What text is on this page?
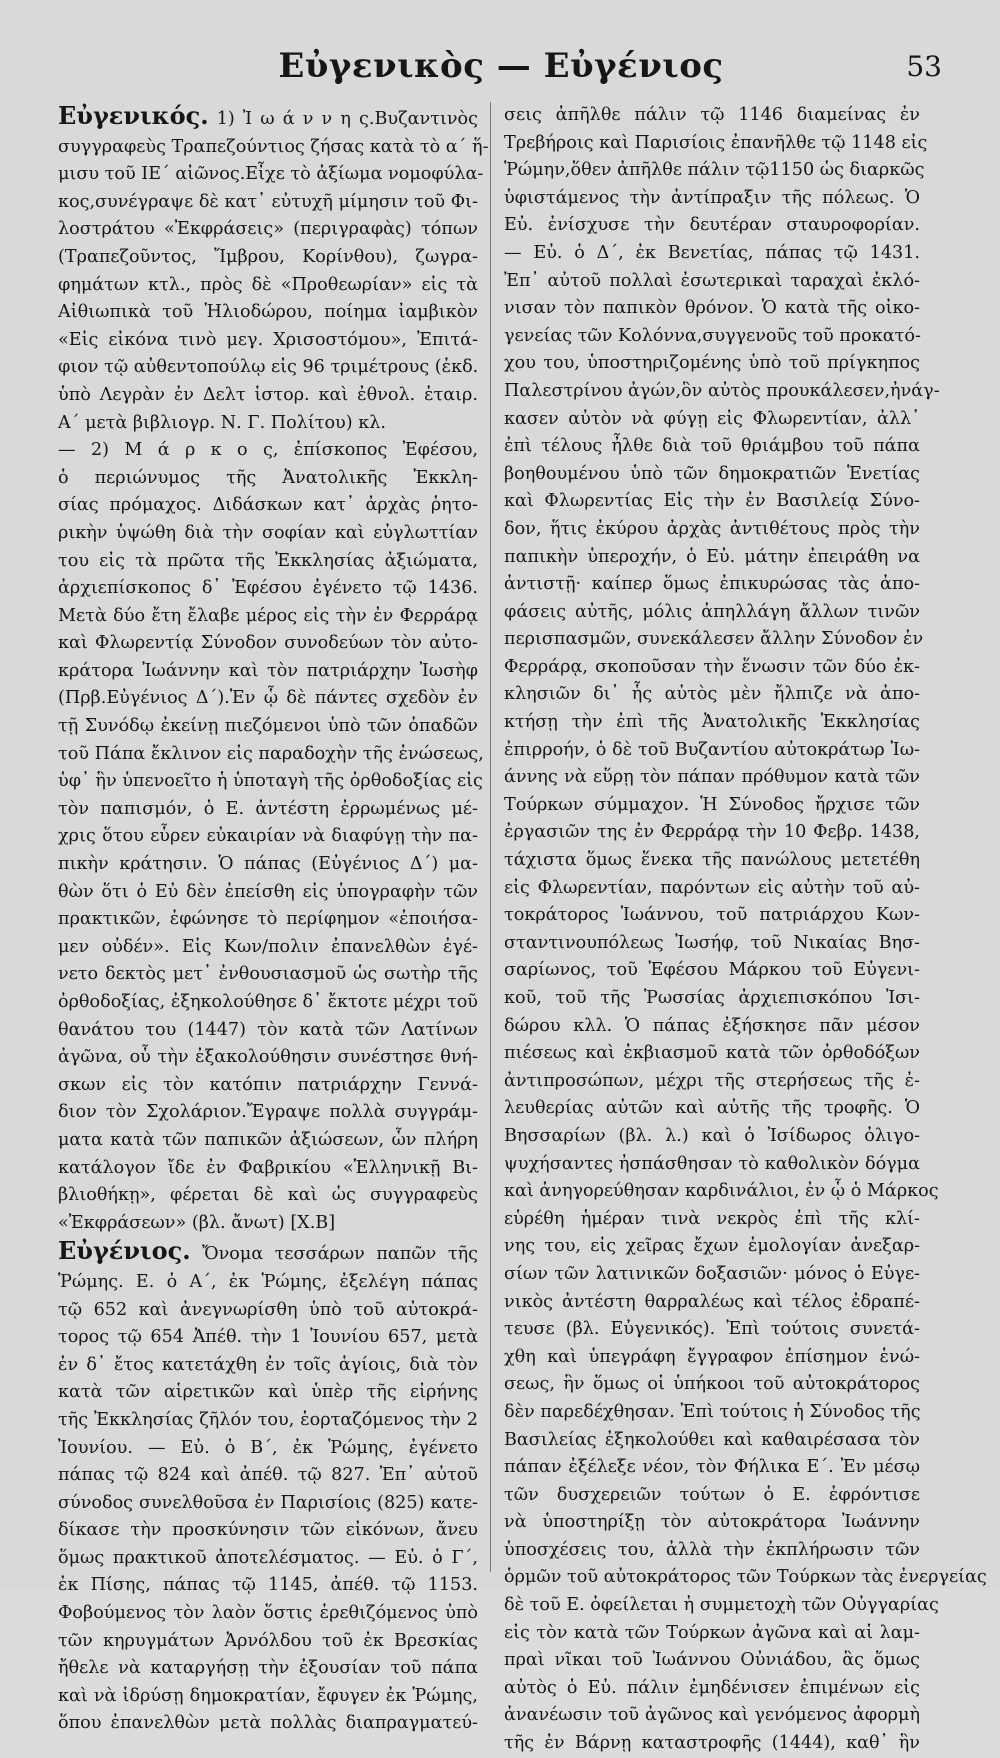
Εὐγενικὸς — Εὐγένιος	53
Εὐγενικός. 1) Ἰ ω ά ν ν η ς.Βυζαντινὸς
συγγραφεὺς Τραπεζούντιος ζήσας κατὰ τὸ α΄ ἥ-
μισυ τοῦ ΙΕ΄ αἰῶνος.Εἶχε τὸ ἀξίωμα νομοφύλα-
κος,συνέγραψε δὲ κατ᾽ εὐτυχῆ μίμησιν τοῦ Φι-
λοστράτου «Ἐκφράσεις» (περιγραφὰς) τόπων
(Τραπεζοῦντος, Ἴμβρου, Κορίνθου), ζωγρα-
φημάτων κτλ., πρὸς δὲ «Προθεωρίαν» εἰς τὰ
Αἰθιωπικὰ τοῦ Ἡλιοδώρου, ποίημα ἰαμβικὸν
«Εἰς εἰκόνα τινὸ μεγ. Χρισοστόμου», Ἐπιτά-
φιον τῷ αὐθεντοπούλῳ εἰς 96 τριμέτρους (ἐκδ.
ὑπὸ Λεγρὰν ἐν Δελτ ἱστορ. καὶ ἐθνολ. ἑταιρ.
Α΄ μετὰ βιβλιογρ. Ν. Γ. Πολίτου) κλ.
— 2) Μ ά ρ κ ο ς, ἐπίσκοπος Ἐφέσου,
ὁ περιώνυμος τῆς Ἀνατολικῆς Ἐκκλη-
σίας πρόμαχος. Διδάσκων κατ᾽ ἀρχὰς ῥητο-
ρικὴν ὑψώθη διὰ τὴν σοφίαν καὶ εὐγλωττίαν
του εἰς τὰ πρῶτα τῆς Ἐκκλησίας ἀξιώματα,
ἀρχιεπίσκοπος δ᾽ Ἐφέσου ἐγένετο τῷ 1436.
Μετὰ δύο ἔτη ἔλαβε μέρος εἰς τὴν ἐν Φερράρᾳ
καὶ Φλωρεντίᾳ Σύνοδον συνοδεύων τὸν αὐτο-
κράτορα Ἰωάννην καὶ τὸν πατριάρχην Ἰωσὴφ
(Πρβ.Εὐγένιος Δ΄).Ἐν ᾧ δὲ πάντες σχεδὸν ἐν
τῇ Συνόδῳ ἐκείνῃ πιεζόμενοι ὑπὸ τῶν ὀπαδῶν
τοῦ Πάπα ἔκλινον εἰς παραδοχὴν τῆς ἑνώσεως,
ὑφ᾽ ἣν ὑπενοεῖτο ἡ ὑποταγὴ τῆς ὀρθοδοξίας εἰς
τὸν παπισμόν, ὁ Ε. ἀντέστη ἐρρωμένως μέ-
χρις ὅτου εὗρεν εὐκαιρίαν νὰ διαφύγῃ τὴν πα-
πικὴν κράτησιν. Ὁ πάπας (Εὐγένιος Δ΄) μα-
θὼν ὅτι ὁ Εὐ δὲν ἐπείσθη εἰς ὑπογραφὴν τῶν
πρακτικῶν, ἐφώνησε τὸ περίφημον «ἐποιήσα-
μεν οὐδέν». Εἰς Κων/πολιν ἐπανελθὼν ἐγέ-
νετο δεκτὸς μετ᾽ ἐνθουσιασμοῦ ὡς σωτὴρ τῆς
ὀρθοδοξίας, ἐξηκολούθησε δ᾽ ἔκτοτε μέχρι τοῦ
θανάτου του (1447) τὸν κατὰ τῶν Λατίνων
ἀγῶνα, οὗ τὴν ἐξακολούθησιν συνέστησε θνή-
σκων εἰς τὸν κατόπιν πατριάρχην Γεννά-
διον τὸν Σχολάριον.Ἔγραψε πολλὰ συγγράμ-
ματα κατὰ τῶν παπικῶν ἀξιώσεων, ὧν πλήρη
κατάλογον ἴδε ἐν Φαβρικίου «Ἑλληνικῇ Βι-
βλιοθήκῃ», φέρεται δὲ καὶ ὡς συγγραφεὺς
«Ἐκφράσεων» (βλ. ἄνωτ) [Χ.Β]
Εὐγένιος. Ὄνομα τεσσάρων παπῶν τῆς
Ῥώμης. Ε. ὁ Α΄, ἐκ Ῥώμης, ἐξελέγη πάπας
τῷ 652 καὶ ἀνεγνωρίσθη ὑπὸ τοῦ αὐτοκρά-
τορος τῷ 654 Ἀπέθ. τὴν 1 Ἰουνίου 657, μετὰ
ἐν δ᾽ ἔτος κατετάχθη ἐν τοῖς ἁγίοις, διὰ τὸν
κατὰ τῶν αἱρετικῶν καὶ ὑπὲρ τῆς εἰρήνης
τῆς Ἐκκλησίας ζῆλόν του, ἑορταζόμενος τὴν 2
Ἰουνίου. — Εὐ. ὁ Β΄, ἐκ Ῥώμης, ἐγένετο
πάπας τῷ 824 καὶ ἀπέθ. τῷ 827. Ἐπ᾽ αὐτοῦ
σύνοδος συνελθοῦσα ἐν Παρισίοις (825) κατε-
δίκασε τὴν προσκύνησιν τῶν εἰκόνων, ἄνευ
ὅμως πρακτικοῦ ἀποτελέσματος. — Εὐ. ὁ Γ΄,
ἐκ Πίσης, πάπας τῷ 1145, ἀπέθ. τῷ 1153.
Φοβούμενος τὸν λαὸν ὅστις ἐρεθιζόμενος ὑπὸ
τῶν κηρυγμάτων Ἀρνόλδου τοῦ ἐκ Βρεσκίας
ἤθελε νὰ καταργήσῃ τὴν ἐξουσίαν τοῦ πάπα
καὶ νὰ ἱδρύσῃ δημοκρατίαν, ἔφυγεν ἐκ Ῥώμης,
ὅπου ἐπανελθὼν μετὰ πολλὰς διαπραγματεύ-
σεις ἀπῆλθε πάλιν τῷ 1146 διαμείνας ἐν
Τρεβήροις καὶ Παρισίοις ἐπανῆλθε τῷ 1148 εἰς
Ῥώμην,ὅθεν ἀπῆλθε πάλιν τῷ1150 ὡς διαρκῶς
ὑφιστάμενος τὴν ἀντίπραξιν τῆς πόλεως. Ὁ
Εὐ. ἐνίσχυσε τὴν δευτέραν σταυροφορίαν.
— Εὐ. ὁ Δ΄, ἐκ Βενετίας, πάπας τῷ 1431.
Ἐπ᾽ αὐτοῦ πολλαὶ ἐσωτερικαὶ ταραχαὶ ἐκλό-
νισαν τὸν παπικὸν θρόνον. Ὁ κατὰ τῆς οἰκο-
γενείας τῶν Κολόννα,συγγενοῦς τοῦ προκατό-
χου του, ὑποστηριζομένης ὑπὸ τοῦ πρίγκηπος
Παλεστρίνου ἀγών,ὃν αὐτὸς προυκάλεσεν,ἠνάγ-
κασεν αὐτὸν νὰ φύγῃ εἰς Φλωρεντίαν, ἀλλ᾽
ἐπὶ τέλους ἦλθε διὰ τοῦ θριάμβου τοῦ πάπα
βοηθουμένου ὑπὸ τῶν δημοκρατιῶν Ἑνετίας
καὶ Φλωρεντίας Εἰς τὴν ἐν Βασιλείᾳ Σύνο-
δον, ἥτις ἐκύρου ἀρχὰς ἀντιθέτους πρὸς τὴν
παπικὴν ὑπεροχήν, ὁ Εὐ. μάτην ἐπειράθη να
ἀντιστῇ· καίπερ ὅμως ἐπικυρώσας τὰς ἀπο-
φάσεις αὐτῆς, μόλις ἀπηλλάγη ἄλλων τινῶν
περισπασμῶν, συνεκάλεσεν ἄλλην Σύνοδον ἐν
Φερράρᾳ, σκοποῦσαν τὴν ἕνωσιν τῶν δύο ἐκ-
κλησιῶν δι᾽ ἧς αὐτὸς μὲν ἤλπιζε νὰ ἀπο-
κτήσῃ τὴν ἐπὶ τῆς Ἀνατολικῆς Ἐκκλησίας
ἐπιρροήν, ὁ δὲ τοῦ Βυζαντίου αὐτοκράτωρ Ἰω-
άννης νὰ εὕρῃ τὸν πάπαν πρόθυμον κατὰ τῶν
Τούρκων σύμμαχον. Ἡ Σύνοδος ἤρχισε τῶν
ἐργασιῶν της ἐν Φερράρᾳ τὴν 10 Φεβρ. 1438,
τάχιστα ὅμως ἕνεκα τῆς πανώλους μετετέθη
εἰς Φλωρεντίαν, παρόντων εἰς αὐτὴν τοῦ αὐ-
τοκράτορος Ἰωάννου, τοῦ πατριάρχου Κων-
σταντινουπόλεως Ἰωσήφ, τοῦ Νικαίας Βησ-
σαρίωνος, τοῦ Ἐφέσου Μάρκου τοῦ Εὐγενι-
κοῦ, τοῦ τῆς Ῥωσσίας ἀρχιεπισκόπου Ἰσι-
δώρου κλλ. Ὁ πάπας ἐξήσκησε πᾶν μέσον
πιέσεως καὶ ἐκβιασμοῦ κατὰ τῶν ὀρθοδόξων
ἀντιπροσώπων, μέχρι τῆς στερήσεως τῆς ἐ-
λευθερίας αὐτῶν καὶ αὐτῆς τῆς τροφῆς. Ὁ
Βησσαρίων (βλ. λ.) καὶ ὁ Ἰσίδωρος ὀλιγο-
ψυχήσαντες ἠσπάσθησαν τὸ καθολικὸν δόγμα
καὶ ἀνηγορεύθησαν καρδινάλιοι, ἐν ᾧ ὁ Μάρκος
εὑρέθη ἡμέραν τινὰ νεκρὸς ἐπὶ τῆς κλί-
νης του, εἰς χεῖρας ἔχων ἐμολογίαν ἀνεξαρ-
σίων τῶν λατινικῶν δοξασιῶν· μόνος ὁ Εὐγε-
νικὸς ἀντέστη θαρραλέως καὶ τέλος ἐδραπέ-
τευσε (βλ. Εὐγενικός). Ἐπὶ τούτοις συνετά-
χθη καὶ ὑπεγράφη ἔγγραφον ἐπίσημον ἑνώ-
σεως, ἣν ὅμως οἱ ὑπήκοοι τοῦ αὐτοκράτορος
δὲν παρεδέχθησαν. Ἐπὶ τούτοις ἡ Σύνοδος τῆς
Βασιλείας ἐξηκολούθει καὶ καθαιρέσασα τὸν
πάπαν ἐξέλεξε νέον, τὸν Φήλικα Ε΄. Ἐν μέσῳ
τῶν δυσχερειῶν τούτων ὁ Ε. ἐφρόντισε
νὰ ὑποστηρίξῃ τὸν αὐτοκράτορα Ἰωάννην
ὑποσχέσεις του, ἀλλὰ τὴν ἐκπλήρωσιν τῶν
ὁρμῶν τοῦ αὐτοκράτορος τῶν Τούρκων τὰς ἐνεργείας
δὲ τοῦ Ε. ὀφείλεται ἡ συμμετοχὴ τῶν Οὐγγαρίας
εἰς τὸν κατὰ τῶν Τούρκων ἀγῶνα καὶ αἱ λαμ-
πραὶ νῖκαι τοῦ Ἰωάννου Οὐνιάδου, ἃς ὅμως
αὐτὸς ὁ Εὐ. πάλιν ἐμηδένισεν ἐπιμένων εἰς
ἀνανέωσιν τοῦ ἀγῶνος καὶ γενόμενος ἀφορμὴ
τῆς ἐν Βάρνῃ καταστροφῆς (1444), καθ᾽ ἣν
